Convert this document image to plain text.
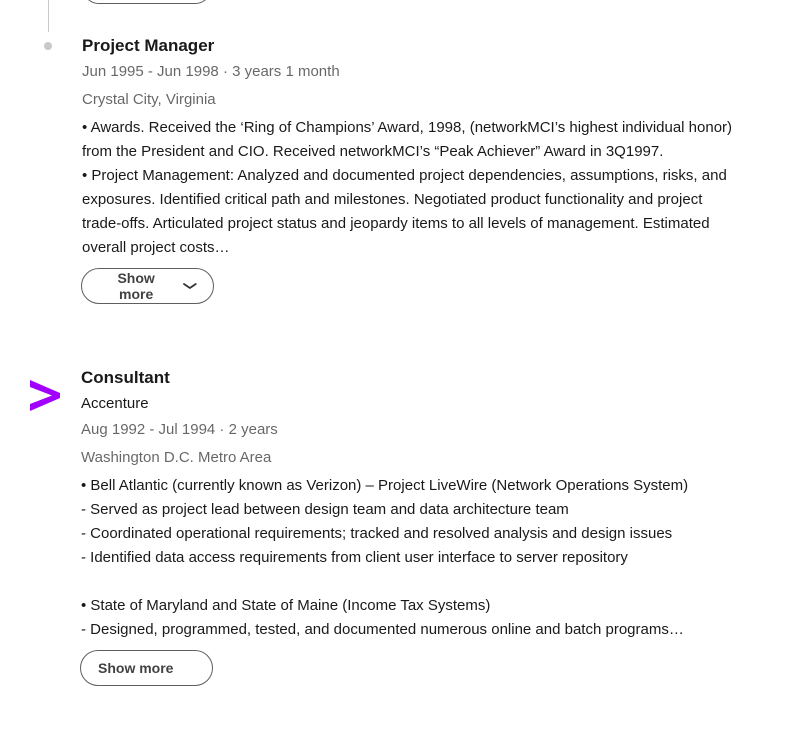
Project Manager
Jun 1995 - Jun 1998 · 3 years 1 month
Crystal City, Virginia
• Awards. Received the ‘Ring of Champions’ Award, 1998, (networkMCI’s highest individual honor) from the President and CIO. Received networkMCI’s “Peak Achiever” Award in 3Q1997.
• Project Management: Analyzed and documented project dependencies, assumptions, risks, and exposures. Identified critical path and milestones. Negotiated product functionality and project trade-offs. Articulated project status and jeopardy items to all levels of management. Estimated overall project costs…
Show more
Consultant
Accenture
Aug 1992 - Jul 1994 · 2 years
Washington D.C. Metro Area
• Bell Atlantic (currently known as Verizon) – Project LiveWire (Network Operations System)
- Served as project lead between design team and data architecture team
- Coordinated operational requirements; tracked and resolved analysis and design issues
- Identified data access requirements from client user interface to server repository

• State of Maryland and State of Maine (Income Tax Systems)
- Designed, programmed, tested, and documented numerous online and batch programs…
Show more
